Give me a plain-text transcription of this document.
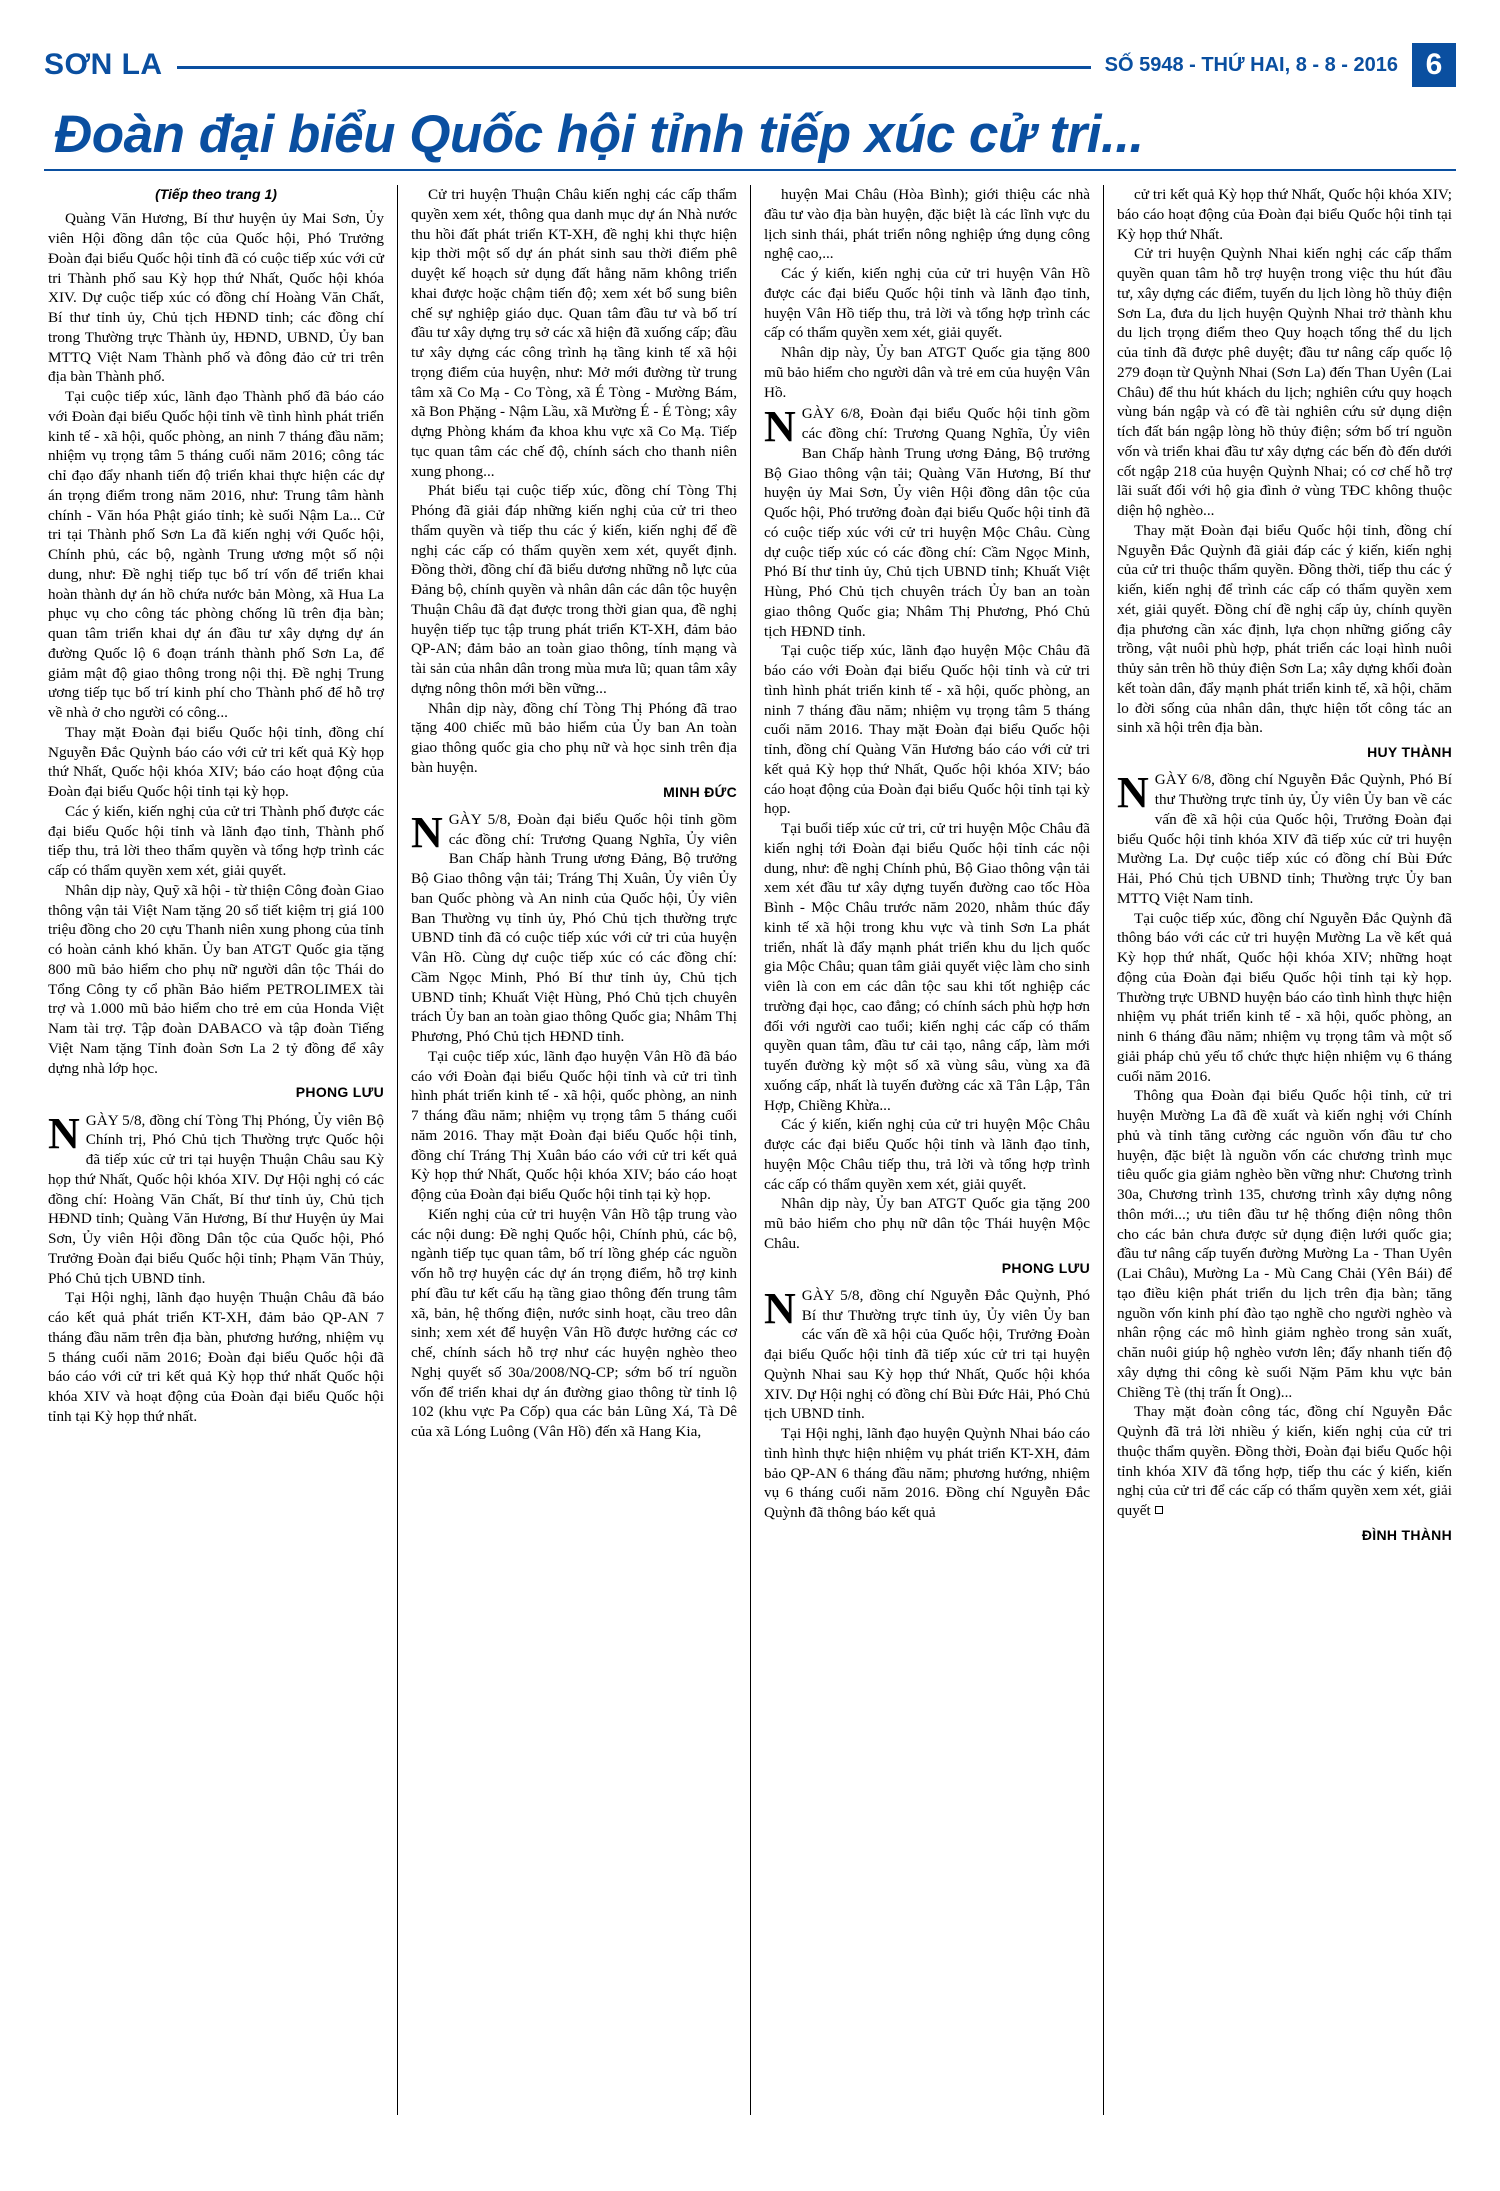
SƠN LA	SỐ 5948 - THỨ HAI, 8 - 8 - 2016 6
Đoàn đại biểu Quốc hội tỉnh tiếp xúc cử tri...

(Tiếp theo trang 1)

Quàng Văn Hương, Bí thư huyện ủy Mai Sơn, Ủy viên Hội đồng dân tộc của Quốc hội, Phó Trưởng Đoàn đại biểu Quốc hội tỉnh đã có cuộc tiếp xúc với cử tri Thành phố sau Kỳ họp thứ Nhất, Quốc hội khóa XIV. Dự cuộc tiếp xúc có đồng chí Hoàng Văn Chất, Bí thư tỉnh ủy, Chủ tịch HĐND tỉnh; các đồng chí trong Thường trực Thành ủy, HĐND, UBND, Ủy ban MTTQ Việt Nam Thành phố và đông đảo cử tri trên địa bàn Thành phố.

Tại cuộc tiếp xúc, lãnh đạo Thành phố đã báo cáo với Đoàn đại biểu Quốc hội tỉnh về tình hình phát triển kinh tế - xã hội, quốc phòng, an ninh 7 tháng đầu năm; nhiệm vụ trọng tâm 5 tháng cuối năm 2016; công tác chỉ đạo đẩy nhanh tiến độ triển khai thực hiện các dự án trọng điểm trong năm 2016, như: Trung tâm hành chính - Văn hóa Phật giáo tỉnh; kè suối Nậm La... Cử tri tại Thành phố Sơn La đã kiến nghị với Quốc hội, Chính phủ, các bộ, ngành Trung ương một số nội dung, như: Đề nghị tiếp tục bố trí vốn để triển khai hoàn thành dự án hồ chứa nước bản Mòng, xã Hua La phục vụ cho công tác phòng chống lũ trên địa bàn; quan tâm triển khai dự án đầu tư xây dựng dự án đường Quốc lộ 6 đoạn tránh thành phố Sơn La, để giảm mật độ giao thông trong nội thị. Đề nghị Trung ương tiếp tục bố trí kinh phí cho Thành phố để hỗ trợ về nhà ở cho người có công...

Thay mặt Đoàn đại biểu Quốc hội tỉnh, đồng chí Nguyễn Đắc Quỳnh báo cáo với cử tri kết quả Kỳ họp thứ Nhất, Quốc hội khóa XIV; báo cáo hoạt động của Đoàn đại biểu Quốc hội tỉnh tại kỳ họp.

Các ý kiến, kiến nghị của cử tri Thành phố được các đại biểu Quốc hội tỉnh và lãnh đạo tỉnh, Thành phố tiếp thu, trả lời theo thẩm quyền và tổng hợp trình các cấp có thẩm quyền xem xét, giải quyết.

Nhân dịp này, Quỹ xã hội - từ thiện Công đoàn Giao thông vận tải Việt Nam tặng 20 sổ tiết kiệm trị giá 100 triệu đồng cho 20 cựu Thanh niên xung phong của tỉnh có hoàn cảnh khó khăn. Ủy ban ATGT Quốc gia tặng 800 mũ bảo hiểm cho phụ nữ người dân tộc Thái do Tổng Công ty cổ phần Bảo hiểm PETROLIMEX tài trợ và 1.000 mũ bảo hiểm cho trẻ em của Honda Việt Nam tài trợ. Tập đoàn DABACO và tập đoàn Tiếng Việt Nam tặng Tỉnh đoàn Sơn La 2 tỷ đồng để xây dựng nhà lớp học.

PHONG LƯU

NGÀY 5/8, đồng chí Tòng Thị Phóng, Ủy viên Bộ Chính trị, Phó Chủ tịch Thường trực Quốc hội đã tiếp xúc cử tri tại huyện Thuận Châu sau Kỳ họp thứ Nhất, Quốc hội khóa XIV. Dự Hội nghị có các đồng chí: Hoàng Văn Chất, Bí thư tỉnh ủy, Chủ tịch HĐND tỉnh; Quàng Văn Hương, Bí thư Huyện ủy Mai Sơn, Ủy viên Hội đồng Dân tộc của Quốc hội, Phó Trưởng Đoàn đại biểu Quốc hội tỉnh; Phạm Văn Thủy, Phó Chủ tịch UBND tỉnh.

Tại Hội nghị, lãnh đạo huyện Thuận Châu đã báo cáo kết quả phát triển KT-XH, đảm bảo QP-AN 7 tháng đầu năm trên địa bàn, phương hướng, nhiệm vụ 5 tháng cuối năm 2016; Đoàn đại biểu Quốc hội đã báo cáo với cử tri kết quả Kỳ họp thứ nhất Quốc hội khóa XIV và hoạt động của Đoàn đại biểu Quốc hội tỉnh tại Kỳ họp thứ nhất.

Cử tri huyện Thuận Châu kiến nghị các cấp thẩm quyền xem xét, thông qua danh mục dự án Nhà nước thu hồi đất phát triển KT-XH, đề nghị khi thực hiện kịp thời một số dự án phát sinh sau thời điểm phê duyệt kế hoạch sử dụng đất hằng năm không triển khai được hoặc chậm tiến độ; xem xét bổ sung biên chế sự nghiệp giáo dục. Quan tâm đầu tư và bố trí đầu tư xây dựng trụ sở các xã hiện đã xuống cấp; đầu tư xây dựng các công trình hạ tầng kinh tế xã hội trọng điểm của huyện, như: Mở mới đường từ trung tâm xã Co Mạ - Co Tòng, xã É Tòng - Mường Bám, xã Bon Phặng - Nậm Lầu, xã Mường É - É Tòng; xây dựng Phòng khám đa khoa khu vực xã Co Mạ. Tiếp tục quan tâm các chế độ, chính sách cho thanh niên xung phong...

Phát biểu tại cuộc tiếp xúc, đồng chí Tòng Thị Phóng đã giải đáp những kiến nghị của cử tri theo thẩm quyền và tiếp thu các ý kiến, kiến nghị để đề nghị các cấp có thẩm quyền xem xét, quyết định. Đồng thời, đồng chí đã biểu dương những nỗ lực của Đảng bộ, chính quyền và nhân dân các dân tộc huyện Thuận Châu đã đạt được trong thời gian qua, đề nghị huyện tiếp tục tập trung phát triển KT-XH, đảm bảo QP-AN; đảm bảo an toàn giao thông, tính mạng và tài sản của nhân dân trong mùa mưa lũ; quan tâm xây dựng nông thôn mới bền vững...

Nhân dịp này, đồng chí Tòng Thị Phóng đã trao tặng 400 chiếc mũ bảo hiểm của Ủy ban An toàn giao thông quốc gia cho phụ nữ và học sinh trên địa bàn huyện.

MINH ĐỨC

NGÀY 5/8, Đoàn đại biểu Quốc hội tỉnh gồm các đồng chí: Trương Quang Nghĩa, Ủy viên Ban Chấp hành Trung ương Đảng, Bộ trưởng Bộ Giao thông vận tải; Tráng Thị Xuân, Ủy viên Ủy ban Quốc phòng và An ninh của Quốc hội, Ủy viên Ban Thường vụ tỉnh ủy, Phó Chủ tịch thường trực UBND tỉnh đã có cuộc tiếp xúc với cử tri của huyện Vân Hồ. Cùng dự cuộc tiếp xúc có các đồng chí: Cầm Ngọc Minh, Phó Bí thư tỉnh ủy, Chủ tịch UBND tỉnh; Khuất Việt Hùng, Phó Chủ tịch chuyên trách Ủy ban an toàn giao thông Quốc gia; Nhâm Thị Phương, Phó Chủ tịch HĐND tỉnh.

Tại cuộc tiếp xúc, lãnh đạo huyện Vân Hồ đã báo cáo với Đoàn đại biểu Quốc hội tỉnh và cử tri tình hình phát triển kinh tế - xã hội, quốc phòng, an ninh 7 tháng đầu năm; nhiệm vụ trọng tâm 5 tháng cuối năm 2016. Thay mặt Đoàn đại biểu Quốc hội tỉnh, đồng chí Tráng Thị Xuân báo cáo với cử tri kết quả Kỳ họp thứ Nhất, Quốc hội khóa XIV; báo cáo hoạt động của Đoàn đại biểu Quốc hội tỉnh tại kỳ họp.

Kiến nghị của cử tri huyện Vân Hồ tập trung vào các nội dung: Đề nghị Quốc hội, Chính phủ, các bộ, ngành tiếp tục quan tâm, bố trí lồng ghép các nguồn vốn hỗ trợ huyện các dự án trọng điểm, hỗ trợ kinh phí đầu tư kết cấu hạ tầng giao thông đến trung tâm xã, bản, hệ thống điện, nước sinh hoạt, cầu treo dân sinh; xem xét để huyện Vân Hồ được hưởng các cơ chế, chính sách hỗ trợ như các huyện nghèo theo Nghị quyết số 30a/2008/NQ-CP; sớm bố trí nguồn vốn để triển khai dự án đường giao thông từ tỉnh lộ 102 (khu vực Pa Cốp) qua các bản Lũng Xá, Tà Dê của xã Lóng Luông (Vân Hồ) đến xã Hang Kia,

huyện Mai Châu (Hòa Bình); giới thiệu các nhà đầu tư vào địa bàn huyện, đặc biệt là các lĩnh vực du lịch sinh thái, phát triển nông nghiệp ứng dụng công nghệ cao,...

Các ý kiến, kiến nghị của cử tri huyện Vân Hồ được các đại biểu Quốc hội tỉnh và lãnh đạo tỉnh, huyện Vân Hồ tiếp thu, trả lời và tổng hợp trình các cấp có thẩm quyền xem xét, giải quyết.

Nhân dịp này, Ủy ban ATGT Quốc gia tặng 800 mũ bảo hiểm cho người dân và trẻ em của huyện Vân Hồ.

NGÀY 6/8, Đoàn đại biểu Quốc hội tỉnh gồm các đồng chí: Trương Quang Nghĩa, Ủy viên Ban Chấp hành Trung ương Đảng, Bộ trưởng Bộ Giao thông vận tải; Quàng Văn Hương, Bí thư huyện ủy Mai Sơn, Ủy viên Hội đồng dân tộc của Quốc hội, Phó trưởng đoàn đại biểu Quốc hội tỉnh đã có cuộc tiếp xúc với cử tri huyện Mộc Châu. Cùng dự cuộc tiếp xúc có các đồng chí: Cầm Ngọc Minh, Phó Bí thư tỉnh ủy, Chủ tịch UBND tỉnh; Khuất Việt Hùng, Phó Chủ tịch chuyên trách Ủy ban an toàn giao thông Quốc gia; Nhâm Thị Phương, Phó Chủ tịch HĐND tỉnh.

Tại cuộc tiếp xúc, lãnh đạo huyện Mộc Châu đã báo cáo với Đoàn đại biểu Quốc hội tỉnh và cử tri tình hình phát triển kinh tế - xã hội, quốc phòng, an ninh 7 tháng đầu năm; nhiệm vụ trọng tâm 5 tháng cuối năm 2016. Thay mặt Đoàn đại biểu Quốc hội tỉnh, đồng chí Quàng Văn Hương báo cáo với cử tri kết quả Kỳ họp thứ Nhất, Quốc hội khóa XIV; báo cáo hoạt động của Đoàn đại biểu Quốc hội tỉnh tại kỳ họp.

Tại buổi tiếp xúc cử tri, cử tri huyện Mộc Châu đã kiến nghị tới Đoàn đại biểu Quốc hội tỉnh các nội dung, như: đề nghị Chính phủ, Bộ Giao thông vận tải xem xét đầu tư xây dựng tuyến đường cao tốc Hòa Bình - Mộc Châu trước năm 2020, nhằm thúc đẩy kinh tế xã hội trong khu vực và tinh Sơn La phát triển, nhất là đẩy mạnh phát triển khu du lịch quốc gia Mộc Châu; quan tâm giải quyết việc làm cho sinh viên là con em các dân tộc sau khi tốt nghiệp các trường đại học, cao đẳng; có chính sách phù hợp hơn đối với người cao tuổi; kiến nghị các cấp có thẩm quyền quan tâm, đầu tư cải tạo, nâng cấp, làm mới tuyến đường kỳ một số xã vùng sâu, vùng xa đã xuống cấp, nhất là tuyến đường các xã Tân Lập, Tân Hợp, Chiềng Khừa...

Các ý kiến, kiến nghị của cử tri huyện Mộc Châu được các đại biểu Quốc hội tỉnh và lãnh đạo tỉnh, huyện Mộc Châu tiếp thu, trả lời và tổng hợp trình các cấp có thẩm quyền xem xét, giải quyết.

Nhân dịp này, Ủy ban ATGT Quốc gia tặng 200 mũ bảo hiểm cho phụ nữ dân tộc Thái huyện Mộc Châu.

PHONG LƯU

NGÀY 5/8, đồng chí Nguyễn Đắc Quỳnh, Phó Bí thư Thường trực tỉnh ủy, Ủy viên Ủy ban các vấn đề xã hội của Quốc hội, Trưởng Đoàn đại biểu Quốc hội tỉnh đã tiếp xúc cử tri tại huyện Quỳnh Nhai sau Kỳ họp thứ Nhất, Quốc hội khóa XIV. Dự Hội nghị có đồng chí Bùi Đức Hải, Phó Chủ tịch UBND tỉnh.

Tại Hội nghị, lãnh đạo huyện Quỳnh Nhai báo cáo tình hình thực hiện nhiệm vụ phát triển KT-XH, đảm bảo QP-AN 6 tháng đầu năm; phương hướng, nhiệm vụ 6 tháng cuối năm 2016. Đồng chí Nguyễn Đắc Quỳnh đã thông báo kết quả

cử tri kết quả Kỳ họp thứ Nhất, Quốc hội khóa XIV; báo cáo hoạt động của Đoàn đại biểu Quốc hội tỉnh tại Kỳ họp thứ Nhất.

Cử tri huyện Quỳnh Nhai kiến nghị các cấp thẩm quyền quan tâm hỗ trợ huyện trong việc thu hút đầu tư, xây dựng các điểm, tuyến du lịch lòng hồ thủy điện Sơn La, đưa du lịch huyện Quỳnh Nhai trở thành khu du lịch trọng điểm theo Quy hoạch tổng thể du lịch của tỉnh đã được phê duyệt; đầu tư nâng cấp quốc lộ 279 đoạn từ Quỳnh Nhai (Sơn La) đến Than Uyên (Lai Châu) để thu hút khách du lịch; nghiên cứu quy hoạch vùng bán ngập và có đề tài nghiên cứu sử dụng diện tích đất bán ngập lòng hồ thủy điện; sớm bố trí nguồn vốn và triển khai đầu tư xây dựng các bến đò đến dưới cốt ngập 218 của huyện Quỳnh Nhai; có cơ chế hỗ trợ lãi suất đối với hộ gia đình ở vùng TĐC không thuộc diện hộ nghèo...

Thay mặt Đoàn đại biểu Quốc hội tỉnh, đồng chí Nguyễn Đắc Quỳnh đã giải đáp các ý kiến, kiến nghị của cử tri thuộc thẩm quyền. Đồng thời, tiếp thu các ý kiến, kiến nghị để trình các cấp có thẩm quyền xem xét, giải quyết. Đồng chí đề nghị cấp ủy, chính quyền địa phương cần xác định, lựa chọn những giống cây trồng, vật nuôi phù hợp, phát triển các loại hình nuôi thủy sản trên hồ thủy điện Sơn La; xây dựng khối đoàn kết toàn dân, đẩy mạnh phát triển kinh tế, xã hội, chăm lo đời sống của nhân dân, thực hiện tốt công tác an sinh xã hội trên địa bàn.

HUY THÀNH

NGÀY 6/8, đồng chí Nguyễn Đắc Quỳnh, Phó Bí thư Thường trực tỉnh ủy, Ủy viên Ủy ban về các vấn đề xã hội của Quốc hội, Trưởng Đoàn đại biểu Quốc hội tỉnh khóa XIV đã tiếp xúc cử tri huyện Mường La. Dự cuộc tiếp xúc có đồng chí Bùi Đức Hải, Phó Chủ tịch UBND tỉnh; Thường trực Ủy ban MTTQ Việt Nam tỉnh.

Tại cuộc tiếp xúc, đồng chí Nguyễn Đắc Quỳnh đã thông báo với các cử tri huyện Mường La về kết quả Kỳ họp thứ nhất, Quốc hội khóa XIV; những hoạt động của Đoàn đại biểu Quốc hội tỉnh tại kỳ họp. Thường trực UBND huyện báo cáo tình hình thực hiện nhiệm vụ phát triển kinh tế - xã hội, quốc phòng, an ninh 6 tháng đầu năm; nhiệm vụ trọng tâm và một số giải pháp chủ yếu tổ chức thực hiện nhiệm vụ 6 tháng cuối năm 2016.

Thông qua Đoàn đại biểu Quốc hội tỉnh, cử tri huyện Mường La đã đề xuất và kiến nghị với Chính phủ và tỉnh tăng cường các nguồn vốn đầu tư cho huyện, đặc biệt là nguồn vốn các chương trình mục tiêu quốc gia giảm nghèo bền vững như: Chương trình 30a, Chương trình 135, chương trình xây dựng nông thôn mới...; ưu tiên đầu tư hệ thống điện nông thôn cho các bản chưa được sử dụng điện lưới quốc gia; đầu tư nâng cấp tuyến đường Mường La - Than Uyên (Lai Châu), Mường La - Mù Cang Chải (Yên Bái) để tạo điều kiện phát triển du lịch trên địa bàn; tăng nguồn vốn kinh phí đào tạo nghề cho người nghèo và nhân rộng các mô hình giảm nghèo trong sản xuất, chăn nuôi giúp hộ nghèo vươn lên; đẩy nhanh tiến độ xây dựng thi công kè suối Nặm Păm khu vực bản Chiềng Tè (thị trấn Ít Ong)...

Thay mặt đoàn công tác, đồng chí Nguyễn Đắc Quỳnh đã trả lời nhiều ý kiến, kiến nghị của cử tri thuộc thẩm quyền. Đồng thời, Đoàn đại biểu Quốc hội tỉnh khóa XIV đã tổng hợp, tiếp thu các ý kiến, kiến nghị của cử tri để các cấp có thẩm quyền xem xét, giải quyết

ĐÌNH THÀNH
